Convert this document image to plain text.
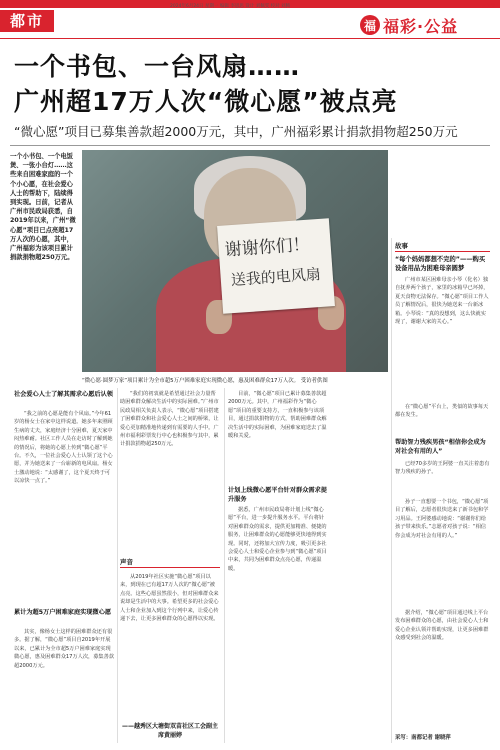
都市
2024年6月24日 星期一 编辑 李思思 设计 刘佩雯 校对 刘腾	A12
福 福彩·公益
一个书包、一台风扇……
广州超17万人次“微心愿”被点亮
“微心愿”项目已募集善款超2000万元，其中，广州福彩累计捐款捐物超250万元
一个小书包、一个电饭煲、一张小台灯……这些来自困难家庭的一个个小心愿，在社会爱心人士的帮助下，陆续得到实现。日前，记者从广州市民政局获悉，自2019年以来，广州“微心愿”项目已点亮超17万人次的心愿，其中，广州福彩为该项目累计捐款捐物超250万元。	谢谢你们！
送我的电风扇
“微心愿·圆梦万家”项目累计为全市超5万户困难家庭实现微心愿，惠及困难群众17万人次。 受访者供图
故事
“每个妈妈都想不完的”——购买设备用品为困难母亲圆梦
广州市某区困难母亲小琴（化名）独自抚养两个孩子，家里的冰箱早已坏掉，夏天食物无法保存。“微心愿”项目工作人员了解情况后，很快为她送来一台新冰箱。小琴说：“真的没想到，这么快就实现了，谢谢大家的关心。”
在“微心愿”平台上，类似的故事每天都在发生。
帮助智力残疾男孩“相信你会成为对社会有用的人”
已经70多岁的王阿婆一直关注着患有智力残疾的孙子。
孙子一直想要一个书包，“微心愿”项目了解后，志愿者很快送来了新书包和学习用品。王阿婆感动地说：“谢谢你们给孩子带来快乐。”志愿者对孩子说：“相信你会成为对社会有用的人。”
据介绍，“微心愿”项目通过线上平台发布困难群众的心愿，由社会爱心人士和爱心企业认领并帮助实现，让更多困难群众感受到社会的温暖。
采写：南都记者 谢晓萍
社会爱心人士了解其需求心愿后认领

“我之前的心愿是能有个风扇。”今年61岁的杨女士在家中这样说道。她多年来照顾生病的丈夫，家庭经济十分困难，夏天家中闷热难耐。社区工作人员在走访时了解到她的情况后，将她的心愿上传到“微心愿”平台。不久，一位社会爱心人士认领了这个心愿，并为她送来了一台崭新的电风扇。杨女士激动地说：“太感谢了，这个夏天终于可以凉快一点了。”

累计为超5万户困难家庭实现微心愿

其实，像杨女士这样的困难群众还有很多。据了解，“微心愿”项目自2019年开展以来，已累计为全市超5万户困难家庭实现微心愿，惠及困难群众17万人次，募集善款超2000万元。

“我们的初衷就是希望通过社会力量帮助困难群众解决生活中的实际困难。”广州市民政局相关负责人表示，“微心愿”项目搭建了困难群众和社会爱心人士之间的桥梁，让爱心更加精准地传递到有需要的人手中。广州市福利彩票发行中心也积极参与其中，累计捐款捐物超250万元。

声音

从2019年社区实施“微心愿”项目以来，到现在已有超17万人次的“微心愿”被点亮。这些心愿虽然很小，但对困难群众来说却是生活中的大事。希望更多的社会爱心人士和企业加入到这个行列中来，让爱心传递下去，让更多困难群众的心愿得以实现。

——越秀区大塘街双苗社区工会副主席黄丽婷

目前，“微心愿”项目已累计募集善款超2000万元。其中，广州福彩作为“微心愿”项目的重要支持方，一直积极参与该项目，通过捐款捐物的方式，帮助困难群众解决生活中的实际困难，为困难家庭送去了温暖和关爱。

计划上线微心愿平台针对群众需求提升服务

据悉，广州市民政局将计划上线“微心愿”平台，进一步提升服务水平。平台将针对困难群众的需求，提供更加精准、便捷的服务，让困难群众的心愿能够更快地得到实现。同时，还将加大宣传力度，吸引更多社会爱心人士和爱心企业参与到“微心愿”项目中来，共同为困难群众点亮心愿，传递温暖。
